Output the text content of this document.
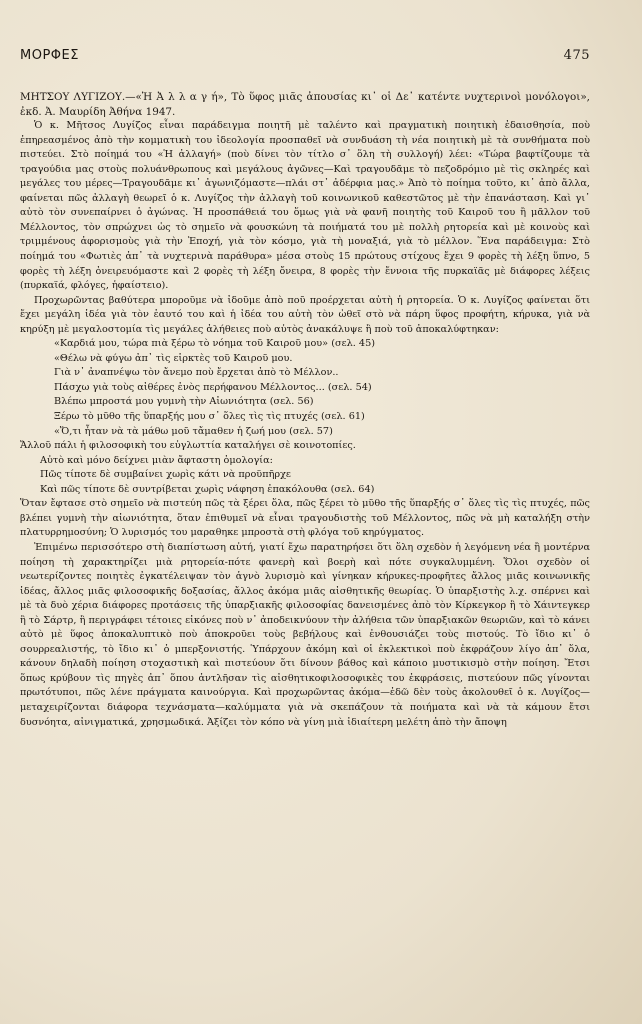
ΜΟΡΦΕΣ	475

ΜΗΤΣΟΥ ΛΥΓΙΖΟΥ.—«Ἡ Ἀ λ λ α γ ή», Τὸ ὕφος μιᾶς ἀπουσίας κι᾽ οἱ Δε᾽ κατέντε νυχτερινοὶ μονόλογοι», ἐκδ. Ἀ. Μαυρίδη Ἀθήνα 1947.

Ὁ κ. Μῆτσος Λυγίζος εἶναι παράδειγμα ποιητῆ μὲ ταλέντο καὶ πραγματικὴ ποιητικὴ ἐδαισθησία, ποὺ ἐπηρεασμένος ἀπὸ τὴν κομματικὴ του ἰδεολογία προσπαθεῖ νὰ συνδυάση τὴ νέα ποιητικὴ μὲ τὰ συνθήματα ποὺ πιστεύει. Στὸ ποίημά του «Ἡ ἀλλαγή» (ποὺ δίνει τὸν τίτλο σ᾽ ὅλη τὴ συλλογή) λέει: «Τώρα βαφτίζουμε τὰ τραγούδια μας στοὺς πολυάνθρωπους καὶ μεγάλους ἀγῶνες—Καὶ τραγουδᾶμε τὸ πεζοδρόμιο μὲ τὶς σκληρές καὶ μεγάλες του μέρες—Τραγουδᾶμε κι᾽ ἀγωνιζόμαστε—πλάι στ᾽ ἀδέρφια μας.» Ἀπὸ τὸ ποίημα τοῦτο, κι᾽ ἀπὸ ἄλλα, φαίνεται πῶς ἀλλαγὴ θεωρεῖ ὁ κ. Λυγίζος τὴν ἀλλαγὴ τοῦ κοινωνικοῦ καθεστῶτος μὲ τὴν ἐπανάσταση. Καὶ γι᾽ αὐτὸ τὸν συνεπαίρνει ὁ ἀγώνας. Ἡ προσπάθειά του ὅμως γιὰ νὰ φανῆ ποιητὴς τοῦ Καιροῦ του ἢ μᾶλλον τοῦ Μέλλοντος, τὸν σπρώχνει ὡς τὸ σημεῖο νὰ φουσκώνη τὰ ποιήματά του μὲ πολλὴ ρητορεία καὶ μὲ κοινοὺς καὶ τριμμένους ἀφορισμοὺς γιὰ τὴν Ἐποχή, γιὰ τὸν κόσμο, γιὰ τὴ μοναξιά, γιὰ τὸ μέλλον. Ἕνα παράδειγμα: Στὸ ποίημά του «Φωτιὲς ἀπ᾽ τὰ νυχτερινὰ παράθυρα» μέσα στοὺς 15 πρώτους στίχους ἔχει 9 φορὲς τὴ λέξη ὕπνο, 5 φορὲς τὴ λέξη ὀνειρευόμαστε καὶ 2 φορὲς τὴ λέξη ὄνειρα, 8 φορὲς τὴν ἔννοια τῆς πυρκαϊᾶς μὲ διάφορες λέξεις (πυρκαϊά, φλόγες, ἡφαίστειο).

Προχωρῶντας βαθύτερα μποροῦμε νὰ ἰδοῦμε ἀπὸ ποῦ προέρχεται αὐτὴ ἡ ρητορεία. Ὁ κ. Λυγίζος φαίνεται ὅτι ἔχει μεγάλη ἰδέα γιὰ τὸν ἑαυτό του καὶ ἡ ἰδέα του αὐτὴ τὸν ὠθεῖ στὸ νὰ πάρη ὕφος προφήτη, κήρυκα, γιὰ νὰ κηρύξη μὲ μεγαλοστομία τὶς μεγάλες ἀλήθειες ποὺ αὐτὸς ἀνακάλυψε ἢ ποὺ τοῦ ἀποκαλύφτηκαν:

«Καρδιά μου, τώρα πιὰ ξέρω τὸ νόημα τοῦ Καιροῦ μου» (σελ. 45)

«Θέλω νὰ φύγω ἀπ᾽ τὶς εἱρκτὲς τοῦ Καιροῦ μου.

Γιὰ ν᾽ ἀναπνέψω τὸν ἄνεμο ποὺ ἔρχεται ἀπὸ τὸ Μέλλον..

Πάσχω γιὰ τοὺς αἰθέρες ἑνὸς περήφανου Μέλλοντος... (σελ. 54)

Βλέπω μπροστά μου γυμνὴ τὴν Αἰωνιότητα (σελ. 56)

Ξέρω τὸ μῦθο τῆς ὕπαρξής μου σ᾽ ὅλες τὶς τὶς πτυχές (σελ. 61)

«Ὅ,τι ἦταν νὰ τὰ μάθω μοῦ τἄμαθεν ἡ ζωή μου (σελ. 57)

Ἄλλοῦ πάλι ἡ φιλοσοφικὴ του εὐγλωττία καταλήγει σὲ κοινοτοπίες.

Αὐτὸ καὶ μόνο δείχνει μιὰν ἄφταστη ὁμολογία:

Πῶς τίποτε δὲ συμβαίνει χωρὶς κάτι νὰ προϋπῆρχε

Καὶ πῶς τίποτε δὲ συντρίβεται χωρὶς νάφηση ἐπακόλουθα (σελ. 64)

Ὅταν ἔφτασε στὸ σημεῖο νὰ πιστεύη πῶς τὰ ξέρει ὅλα, πῶς ξέρει τὸ μῦθο τῆς ὕπαρξής σ᾽ ὅλες τὶς τὶς πτυχές, πῶς βλέπει γυμνὴ τὴν αἰωνιότητα, ὅταν ἐπιθυμεῖ νὰ εἶναι τραγουδιστὴς τοῦ Μέλλοντος, πῶς νὰ μὴ καταλήξη στὴν πλατυρρημοσύνη; Ὁ λυρισμός του μαραθηκε μπροστὰ στὴ φλόγα τοῦ κηρύγματος.

Ἐπιμένω περισσότερο στὴ διαπίστωση αὐτή, γιατί ἔχω παρατηρήσει ὅτι ὅλη σχεδὸν ἡ λεγόμενη νέα ἢ μοντέρνα ποίηση τὴ χαρακτηρίζει μιὰ ρητορεία-πότε φανερὴ καὶ βοερὴ καὶ πότε συγκαλυμμένη. Ὅλοι σχεδὸν οἱ νεωτερίζοντες ποιητὲς ἐγκατέλειψαν τὸν ἁγνὸ λυρισμὸ καὶ γίνηκαν κήρυκες-προφῆτες ἄλλος μιᾶς κοινωνικῆς ἰδέας, ἄλλος μιᾶς φιλοσοφικῆς δοξασίας, ἄλλος ἀκόμα μιᾶς αἰσθητικῆς θεωρίας. Ὁ ὑπαρξιστὴς λ.χ. σπέρνει καὶ μὲ τὰ δυὸ χέρια διάφορες προτάσεις τῆς ὑπαρξιακῆς φιλοσοφίας δανεισμένες ἀπὸ τὸν Κίρκεγκορ ἢ τὸ Χάιντεγκερ ἢ τὸ Σάρτρ, ἢ περιγράφει τέτοιες εἰκόνες ποὺ ν᾽ ἀποδεικνύουν τὴν ἀλήθεια τῶν ὑπαρξιακῶν θεωριῶν, καὶ τὸ κάνει αὐτὸ μὲ ὕφος ἀποκαλυπτικὸ ποὺ ἀποκροῦει τοὺς βεβήλους καὶ ἐνθουσιάζει τοὺς πιστούς. Τὸ ἴδιο κι᾽ ὁ σουρρεαλιστής, τὸ ἴδιο κι᾽ ὁ μπερξονιστής. Ὑπάρχουν ἀκόμη καὶ οἱ ἐκλεκτικοὶ ποὺ ἐκφράζουν λίγο ἀπ᾽ ὅλα, κάνουν δηλαδὴ ποίηση στοχαστικὴ καὶ πιστεύουν ὅτι δίνουν βάθος καὶ κάποιο μυστικισμὸ στὴν ποίηση. Ἔτσι ὅπως κρύβουν τὶς πηγὲς ἀπ᾽ ὅπου ἀντλῆσαν τὶς αἰσθητικοφιλοσοφικὲς του ἐκφράσεις, πιστεύουν πῶς γίνονται πρωτότυποι, πῶς λένε πράγματα καινούργια. Καὶ προχωρῶντας ἀκόμα—ἐδῶ δὲν τοὺς ἀκολουθεῖ ὁ κ. Λυγίζος—μεταχειρίζονται διάφορα τεχνάσματα—καλύμματα γιὰ νὰ σκεπάζουν τὰ ποιήματα καὶ νὰ τὰ κάμουν ἔτσι δυσνόητα, αἰνιγματικά, χρησμωδικά. Ἀξίζει τὸν κόπο νὰ γίνη μιὰ ἰδιαίτερη μελέτη ἀπὸ τὴν ἄποψη
